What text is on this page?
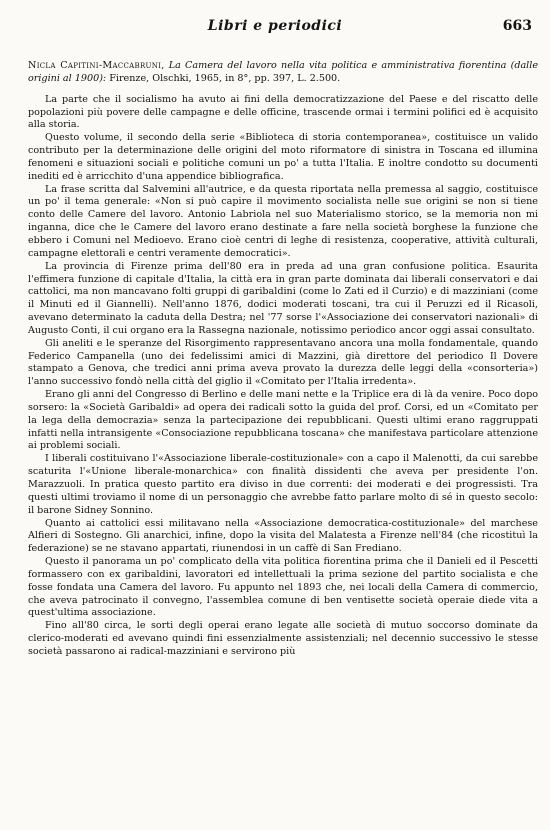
Libri e periodici	663

Nicla Capitini-Maccabruni, La Camera del lavoro nella vita politica e amministrativa fiorentina (dalle origini al 1900): Firenze, Olschki, 1965, in 8°, pp. 397, L. 2.500.

La parte che il socialismo ha avuto ai fini della democratizzazione del Paese e del riscatto delle popolazioni più povere delle campagne e delle officine, trascende ormai i termini polifici ed è acquisito alla storia.

Questo volume, il secondo della serie «Biblioteca di storia contemporanea», costituisce un valido contributo per la determinazione delle origini del moto riformatore di sinistra in Toscana ed illumina fenomeni e situazioni sociali e politiche comuni un po' a tutta l'Italia. E inoltre condotto su documenti inediti ed è arricchito d'una appendice bibliografica.

La frase scritta dal Salvemini all'autrice, e da questa riportata nella premessa al saggio, costituisce un po' il tema generale: «Non si può capire il movimento socialista nelle sue origini se non si tiene conto delle Camere del lavoro. Antonio Labriola nel suo Materialismo storico, se la memoria non mi inganna, dice che le Camere del lavoro erano destinate a fare nella società borghese la funzione che ebbero i Comuni nel Medioevo. Erano cioè centri di leghe di resistenza, cooperative, attività culturali, campagne elettorali e centri veramente democratici».

La provincia di Firenze prima dell'80 era in preda ad una gran confusione politica. Esaurita l'effimera funzione di capitale d'Italia, la città era in gran parte dominata dai liberali conservatori e dai cattolici, ma non mancavano folti gruppi di garibaldini (come lo Zati ed il Curzio) e di mazziniani (come il Minuti ed il Giannelli). Nell'anno 1876, dodici moderati toscani, tra cui il Peruzzi ed il Ricasoli, avevano determinato la caduta della Destra; nel '77 sorse l'«Associazione dei conservatori nazionali» di Augusto Conti, il cui organo era la Rassegna nazionale, notissimo periodico ancor oggi assai consultato.

Gli aneliti e le speranze del Risorgimento rappresentavano ancora una molla fondamentale, quando Federico Campanella (uno dei fedelissimi amici di Mazzini, già direttore del periodico Il Dovere stampato a Genova, che tredici anni prima aveva provato la durezza delle leggi della «consorteria») l'anno successivo fondò nella città del giglio il «Comitato per l'Italia irredenta».

Erano gli anni del Congresso di Berlino e delle mani nette e la Triplice era di là da venire. Poco dopo sorsero: la «Società Garibaldi» ad opera dei radicali sotto la guida del prof. Corsi, ed un «Comitato per la lega della democrazia» senza la partecipazione dei repubblicani. Questi ultimi erano raggruppati infatti nella intransigente «Consociazione repubblicana toscana» che manifestava particolare attenzione ai problemi sociali.

I liberali costituivano l'«Associazione liberale-costituzionale» con a capo il Malenotti, da cui sarebbe scaturita l'«Unione liberale-monarchica» con finalità dissidenti che aveva per presidente l'on. Marazzuoli. In pratica questo partito era diviso in due correnti: dei moderati e dei progressisti. Tra questi ultimi troviamo il nome di un personaggio che avrebbe fatto parlare molto di sé in questo secolo: il barone Sidney Sonnino.

Quanto ai cattolici essi militavano nella «Associazione democratica-costituzionale» del marchese Alfieri di Sostegno. Gli anarchici, infine, dopo la visita del Malatesta a Firenze nell'84 (che ricostituì la federazione) se ne stavano appartati, riunendosi in un caffè di San Frediano.

Questo il panorama un po' complicato della vita politica fiorentina prima che il Danieli ed il Pescetti formassero con ex garibaldini, lavoratori ed intellettuali la prima sezione del partito socialista e che fosse fondata una Camera del lavoro. Fu appunto nel 1893 che, nei locali della Camera di commercio, che aveva patrocinato il convegno, l'assemblea comune di ben ventisette società operaie diede vita a quest'ultima associazione.

Fino all'80 circa, le sorti degli operai erano legate alle società di mutuo soccorso dominate da clerico-moderati ed avevano quindi fini essenzialmente assistenziali; nel decennio successivo le stesse società passarono ai radical-mazziniani e servirono più
